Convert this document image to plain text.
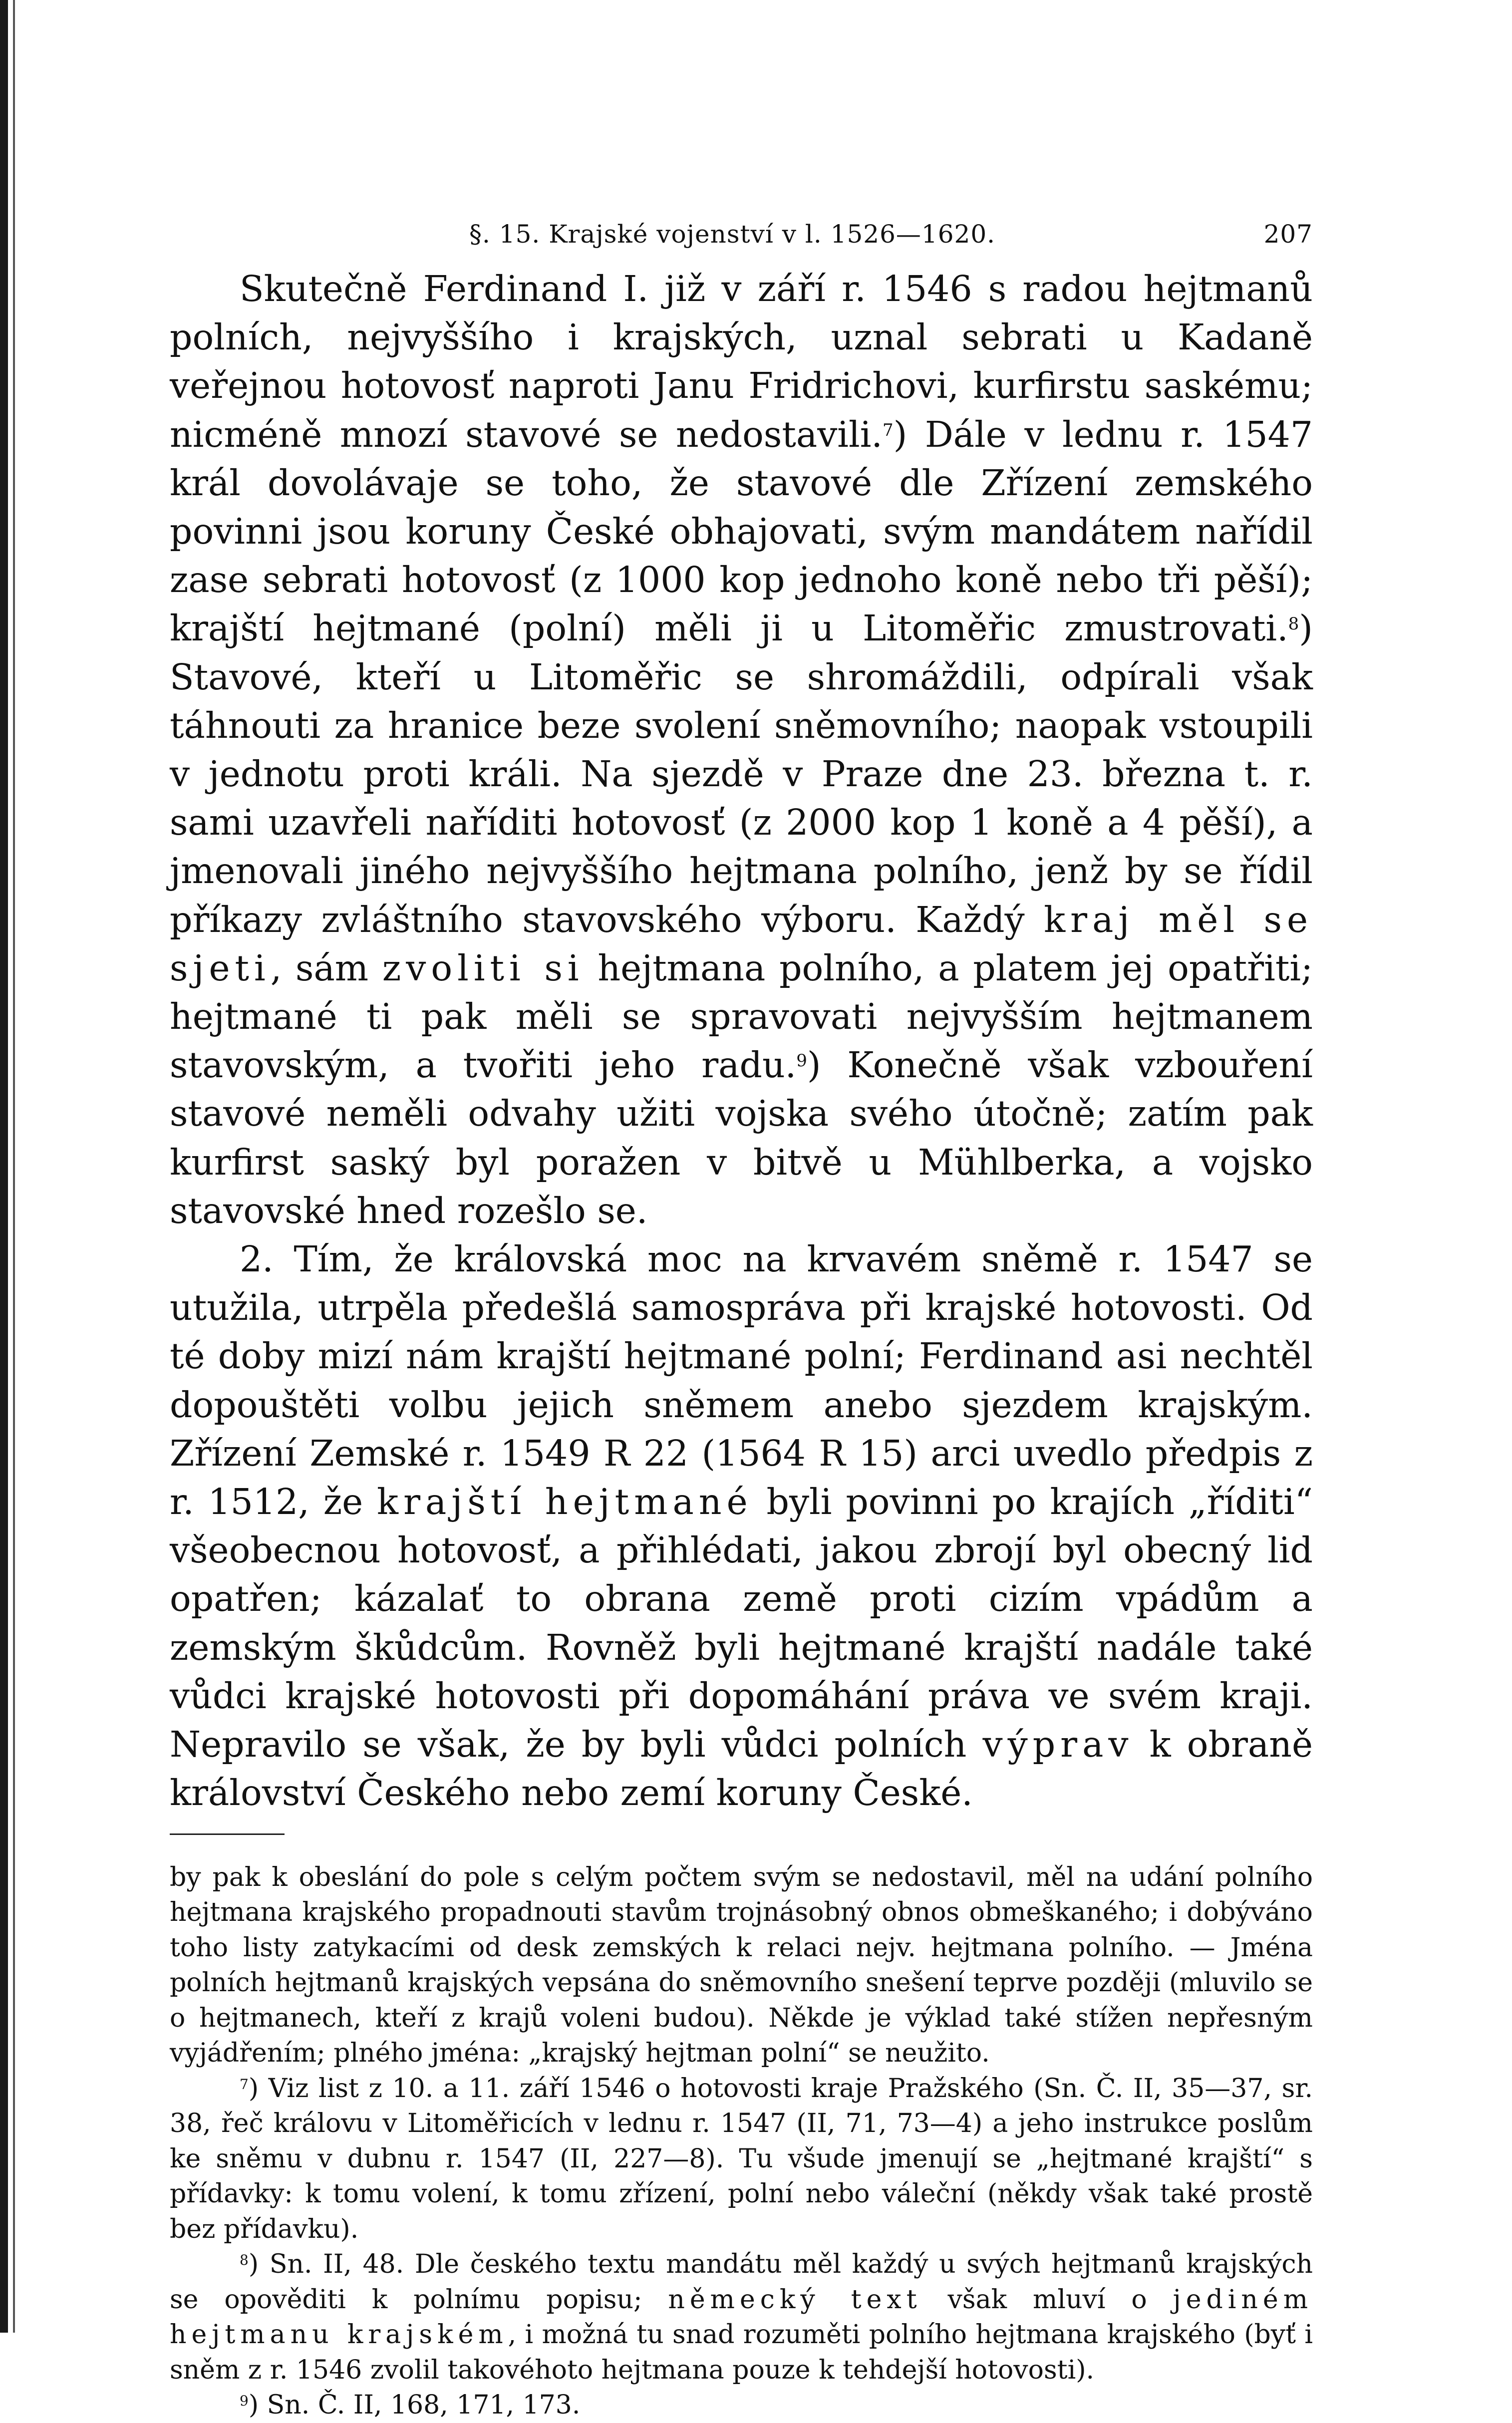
§. 15. Krajské vojenství v l. 1526—1620.	207

Skutečně Ferdinand I. již v září r. 1546 s radou hejtmanů polních, nejvyššího i krajských, uznal sebrati u Kadaně veřejnou hotovosť naproti Janu Fridrichovi, kurfirstu saskému; nicméně mnozí stavové se nedostavili.$^7$) Dále v lednu r. 1547 král dovolávaje se toho, že stavové dle Zřízení zemského povinni jsou koruny České obhajovati, svým mandátem nařídil zase sebrati hotovosť (z 1000 kop jednoho koně nebo tři pěší); krajští hejtmané (polní) měli ji u Litoměřic zmustrovati.$^8$) Stavové, kteří u Litoměřic se shromáždili, odpírali však táhnouti za hranice beze svolení sněmovního; naopak vstoupili v jednotu proti králi. Na sjezdě v Praze dne 23. března t. r. sami uzavřeli naříditi hotovosť (z 2000 kop 1 koně a 4 pěší), a jmenovali jiného nejvyššího hejtmana polního, jenž by se řídil příkazy zvláštního stavovského výboru. Každý kraj měl se sjeti, sám zvoliti si hejtmana polního, a platem jej opatřiti; hejtmané ti pak měli se spravovati nejvyšším hejtmanem stavovským, a tvořiti jeho radu.$^9$) Konečně však vzbouření stavové neměli odvahy užiti vojska svého útočně; zatím pak kurfirst saský byl poražen v bitvě u Mühlberka, a vojsko stavovské hned rozešlo se.

2. Tím, že královská moc na krvavém sněmě r. 1547 se utužila, utrpěla předešlá samospráva při krajské hotovosti. Od té doby mizí nám krajští hejtmané polní; Ferdinand asi nechtěl dopouštěti volbu jejich sněmem anebo sjezdem krajským. Zřízení Zemské r. 1549 R 22 (1564 R 15) arci uvedlo předpis z r. 1512, že krajští hejtmané byli povinni po krajích „říditi“ všeobecnou hotovosť, a přihlédati, jakou zbrojí byl obecný lid opatřen; kázalať to obrana země proti cizím vpádům a zemským škůdcům. Rovněž byli hejtmané krajští nadále také vůdci krajské hotovosti při dopomáhání práva ve svém kraji. Nepravilo se však, že by byli vůdci polních výprav k obraně království Českého nebo zemí koruny České.

by pak k obeslání do pole s celým počtem svým se nedostavil, měl na udání polního hejtmana krajského propadnouti stavům trojnásobný obnos obmeškaného; i dobýváno toho listy zatykacími od desk zemských k relaci nejv. hejtmana polního. — Jména polních hejtmanů krajských vepsána do sněmovního snešení teprve později (mluvilo se o hejtmanech, kteří z krajů voleni budou). Někde je výklad také stížen nepřesným vyjádřením; plného jména: „krajský hejtman polní“ se neužito.

$^7$) Viz list z 10. a 11. září 1546 o hotovosti kraje Pražského (Sn. Č. II, 35—37, sr. 38, řeč královu v Litoměřicích v lednu r. 1547 (II, 71, 73—4) a jeho instrukce poslům ke sněmu v dubnu r. 1547 (II, 227—8). Tu všude jmenují se „hejtmané krajští“ s přídavky: k tomu volení, k tomu zřízení, polní nebo váleční (někdy však také prostě bez přídavku).

$^8$) Sn. II, 48. Dle českého textu mandátu měl každý u svých hejtmanů krajských se opověditi k polnímu popisu; německý text však mluví o jediném hejtmanu krajském, i možná tu snad rozuměti polního hejtmana krajského (byť i sněm z r. 1546 zvolil takovéhoto hejtmana pouze k tehdejší hotovosti).

$^9$) Sn. Č. II, 168, 171, 173.
